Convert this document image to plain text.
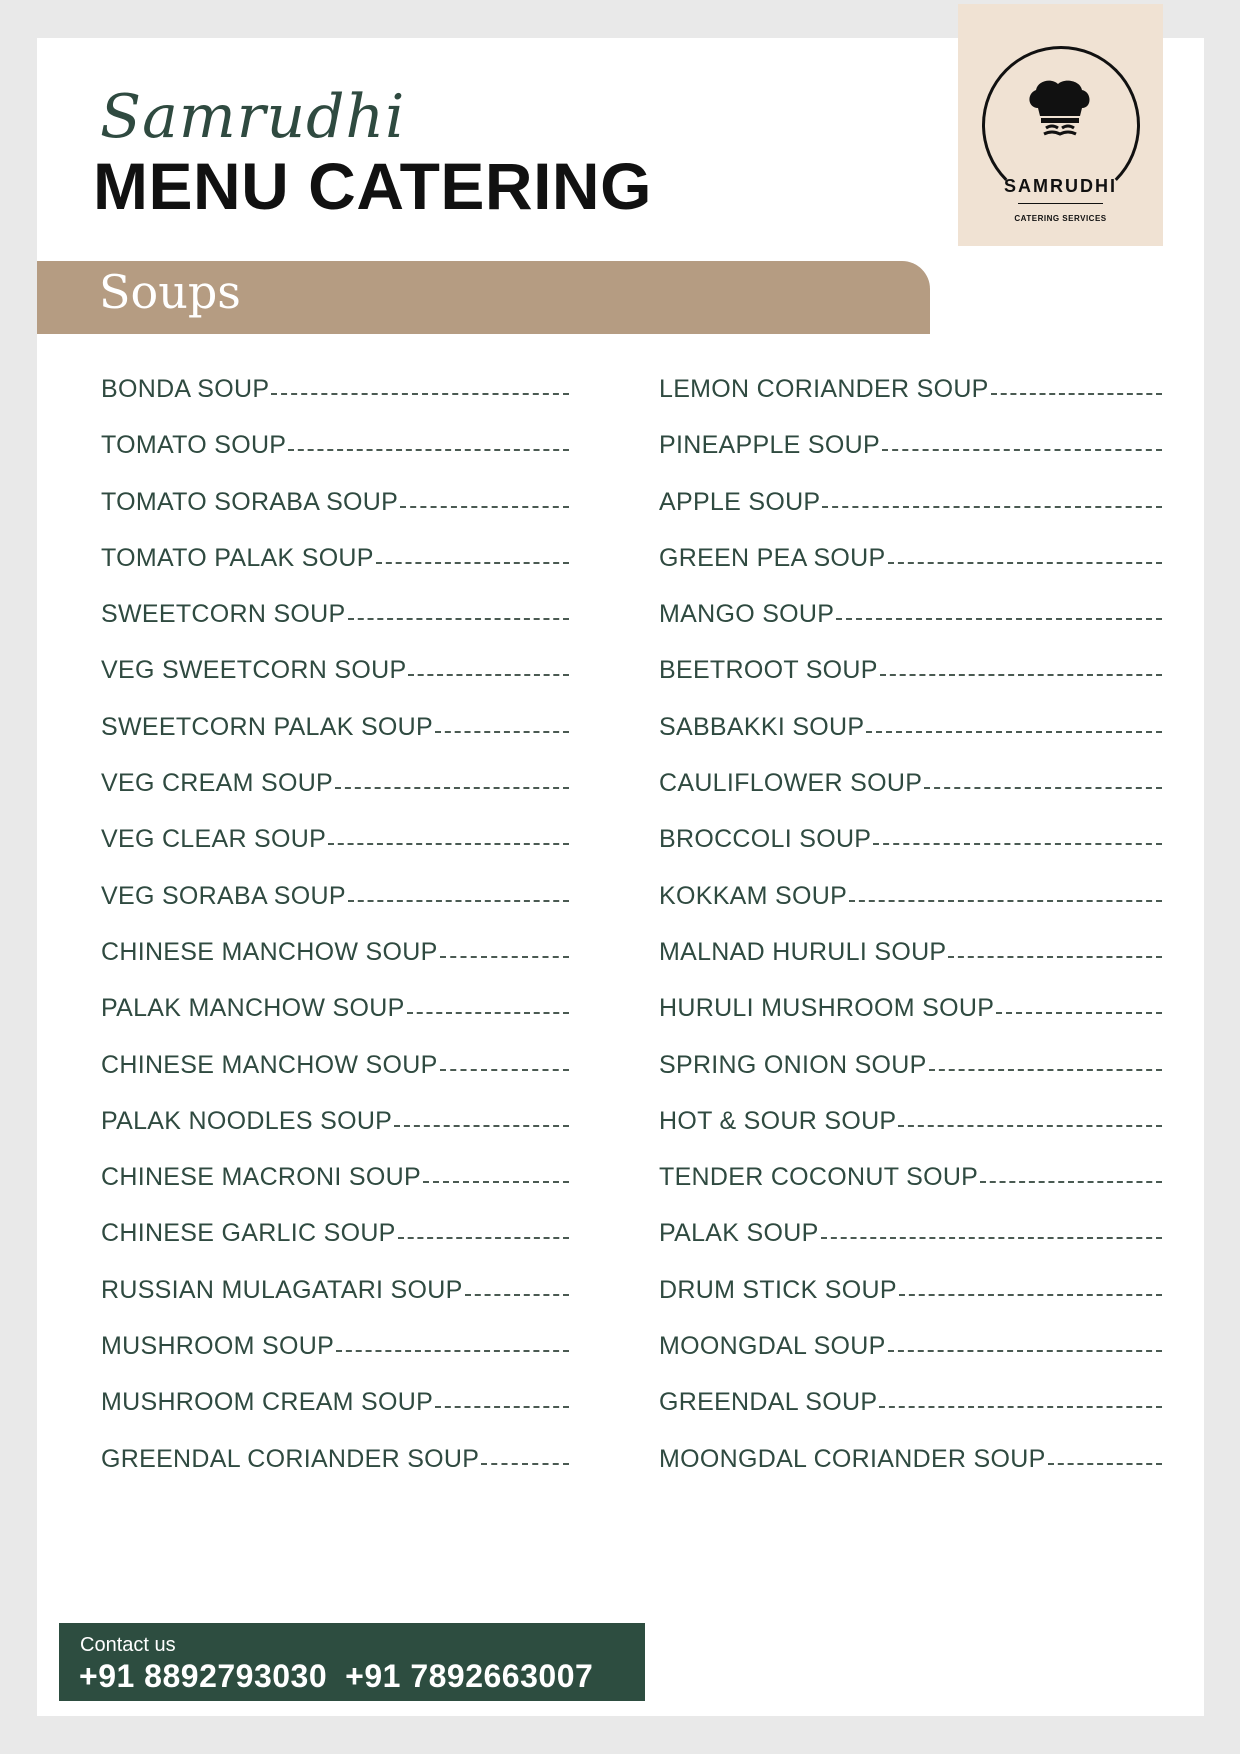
Samrudhi
MENU CATERING	SAMRUDHI
CATERING SERVICES
Soups
BONDA SOUP
TOMATO SOUP
TOMATO SORABA SOUP
TOMATO PALAK SOUP
SWEETCORN SOUP
VEG SWEETCORN SOUP
SWEETCORN PALAK SOUP
VEG CREAM SOUP
VEG CLEAR SOUP
VEG SORABA SOUP
CHINESE MANCHOW SOUP
PALAK MANCHOW SOUP
CHINESE MANCHOW SOUP
PALAK NOODLES SOUP
CHINESE MACRONI SOUP
CHINESE GARLIC SOUP
RUSSIAN MULAGATARI SOUP
MUSHROOM SOUP
MUSHROOM CREAM SOUP
GREENDAL CORIANDER SOUP
LEMON CORIANDER SOUP
PINEAPPLE SOUP
APPLE SOUP
GREEN PEA SOUP
MANGO SOUP
BEETROOT SOUP
SABBAKKI SOUP
CAULIFLOWER SOUP
BROCCOLI SOUP
KOKKAM SOUP
MALNAD HURULI SOUP
HURULI MUSHROOM SOUP
SPRING ONION SOUP
HOT & SOUR SOUP
TENDER COCONUT SOUP
PALAK SOUP
DRUM STICK SOUP
MOONGDAL SOUP
GREENDAL SOUP
MOONGDAL CORIANDER SOUP
Contact us
+91 8892793030 +91 7892663007
